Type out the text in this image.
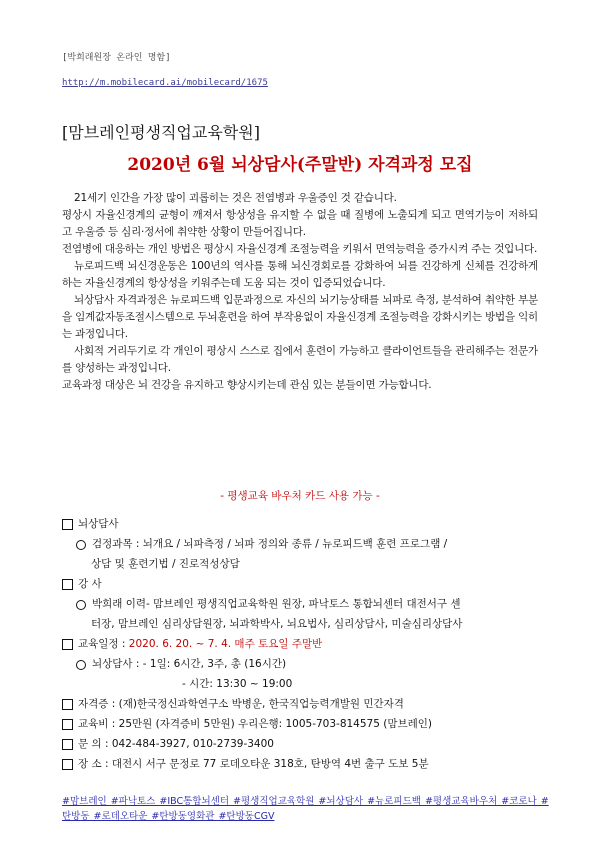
[박희래원장 온라인 명함]
http://m.mobilecard.ai/mobilecard/1675
[맘브레인평생직업교육학원]
2020년 6월 뇌상담사(주말반) 자격과정 모집

21세기 인간을 가장 많이 괴롭히는 것은 전염병과 우울증인 것 같습니다.

평상시 자율신경계의 균형이 깨져서 항상성을 유지할 수 없을 때 질병에 노출되게 되고 면역기능이 저하되고 우울증 등 심리·정서에 취약한 상황이 만들어집니다.

전염병에 대응하는 개인 방법은 평상시 자율신경계 조절능력을 키워서 면역능력을 증가시켜 주는 것입니다.

뉴로피드백 뇌신경운동은 100년의 역사를 통해 뇌신경회로를 강화하여 뇌를 건강하게 신체를 건강하게 하는 자율신경계의 항상성을 키워주는데 도움 되는 것이 입증되었습니다.

뇌상담사 자격과정은 뉴로피드백 입문과정으로 자신의 뇌기능상태를 뇌파로 측정, 분석하여 취약한 부분을 임계값자동조절시스템으로 두뇌훈련을 하여 부작용없이 자율신경계 조절능력을 강화시키는 방법을 익히는 과정입니다.

사회적 거리두기로 각 개인이 평상시 스스로 집에서 훈련이 가능하고 클라이언트들을 관리해주는 전문가를 양성하는 과정입니다.

교육과정 대상은 뇌 건강을 유지하고 향상시키는데 관심 있는 분들이면 가능합니다.

- 평생교육 바우처 카드 사용 가능 -
뇌상담사
검정과목 : 뇌개요 / 뇌파측정 / 뇌파 정의와 종류 / 뉴로피드백 훈련 프로그램 /
상담 및 훈련기법 / 진로적성상담
강 사
박희래 이력- 맘브레인 평생직업교육학원 원장, 파낙토스 통합뇌센터 대전서구 센
터장, 맘브레인 심리상담원장, 뇌과학박사, 뇌요법사, 심리상담사, 미술심리상담사
교육일정 :
2020. 6. 20. ~ 7. 4. 매주 토요일 주말반
뇌상담사 : - 1일: 6시간, 3주, 총 (16시간)
- 시간: 13:30 ~ 19:00
자격증 : (재)한국정신과학연구소 박병운, 한국직업능력개발원 민간자격
교육비 : 25만원 (자격증비 5만원) 우리은행: 1005-703-814575 (맘브레인)
문 의 : 042-484-3927, 010-2739-3400
장 소 : 대전시 서구 문정로 77 로데오타운 318호, 탄방역 4번 출구 도보 5분
#맘브레인 #파낙토스 #IBC통합뇌센터 #평생직업교육학원 #뇌상담사 #뉴로피드백 #평생교육바우처 #코로나 #탄방동 #로데오타운 #탄방동영화관 #탄방동CGV
